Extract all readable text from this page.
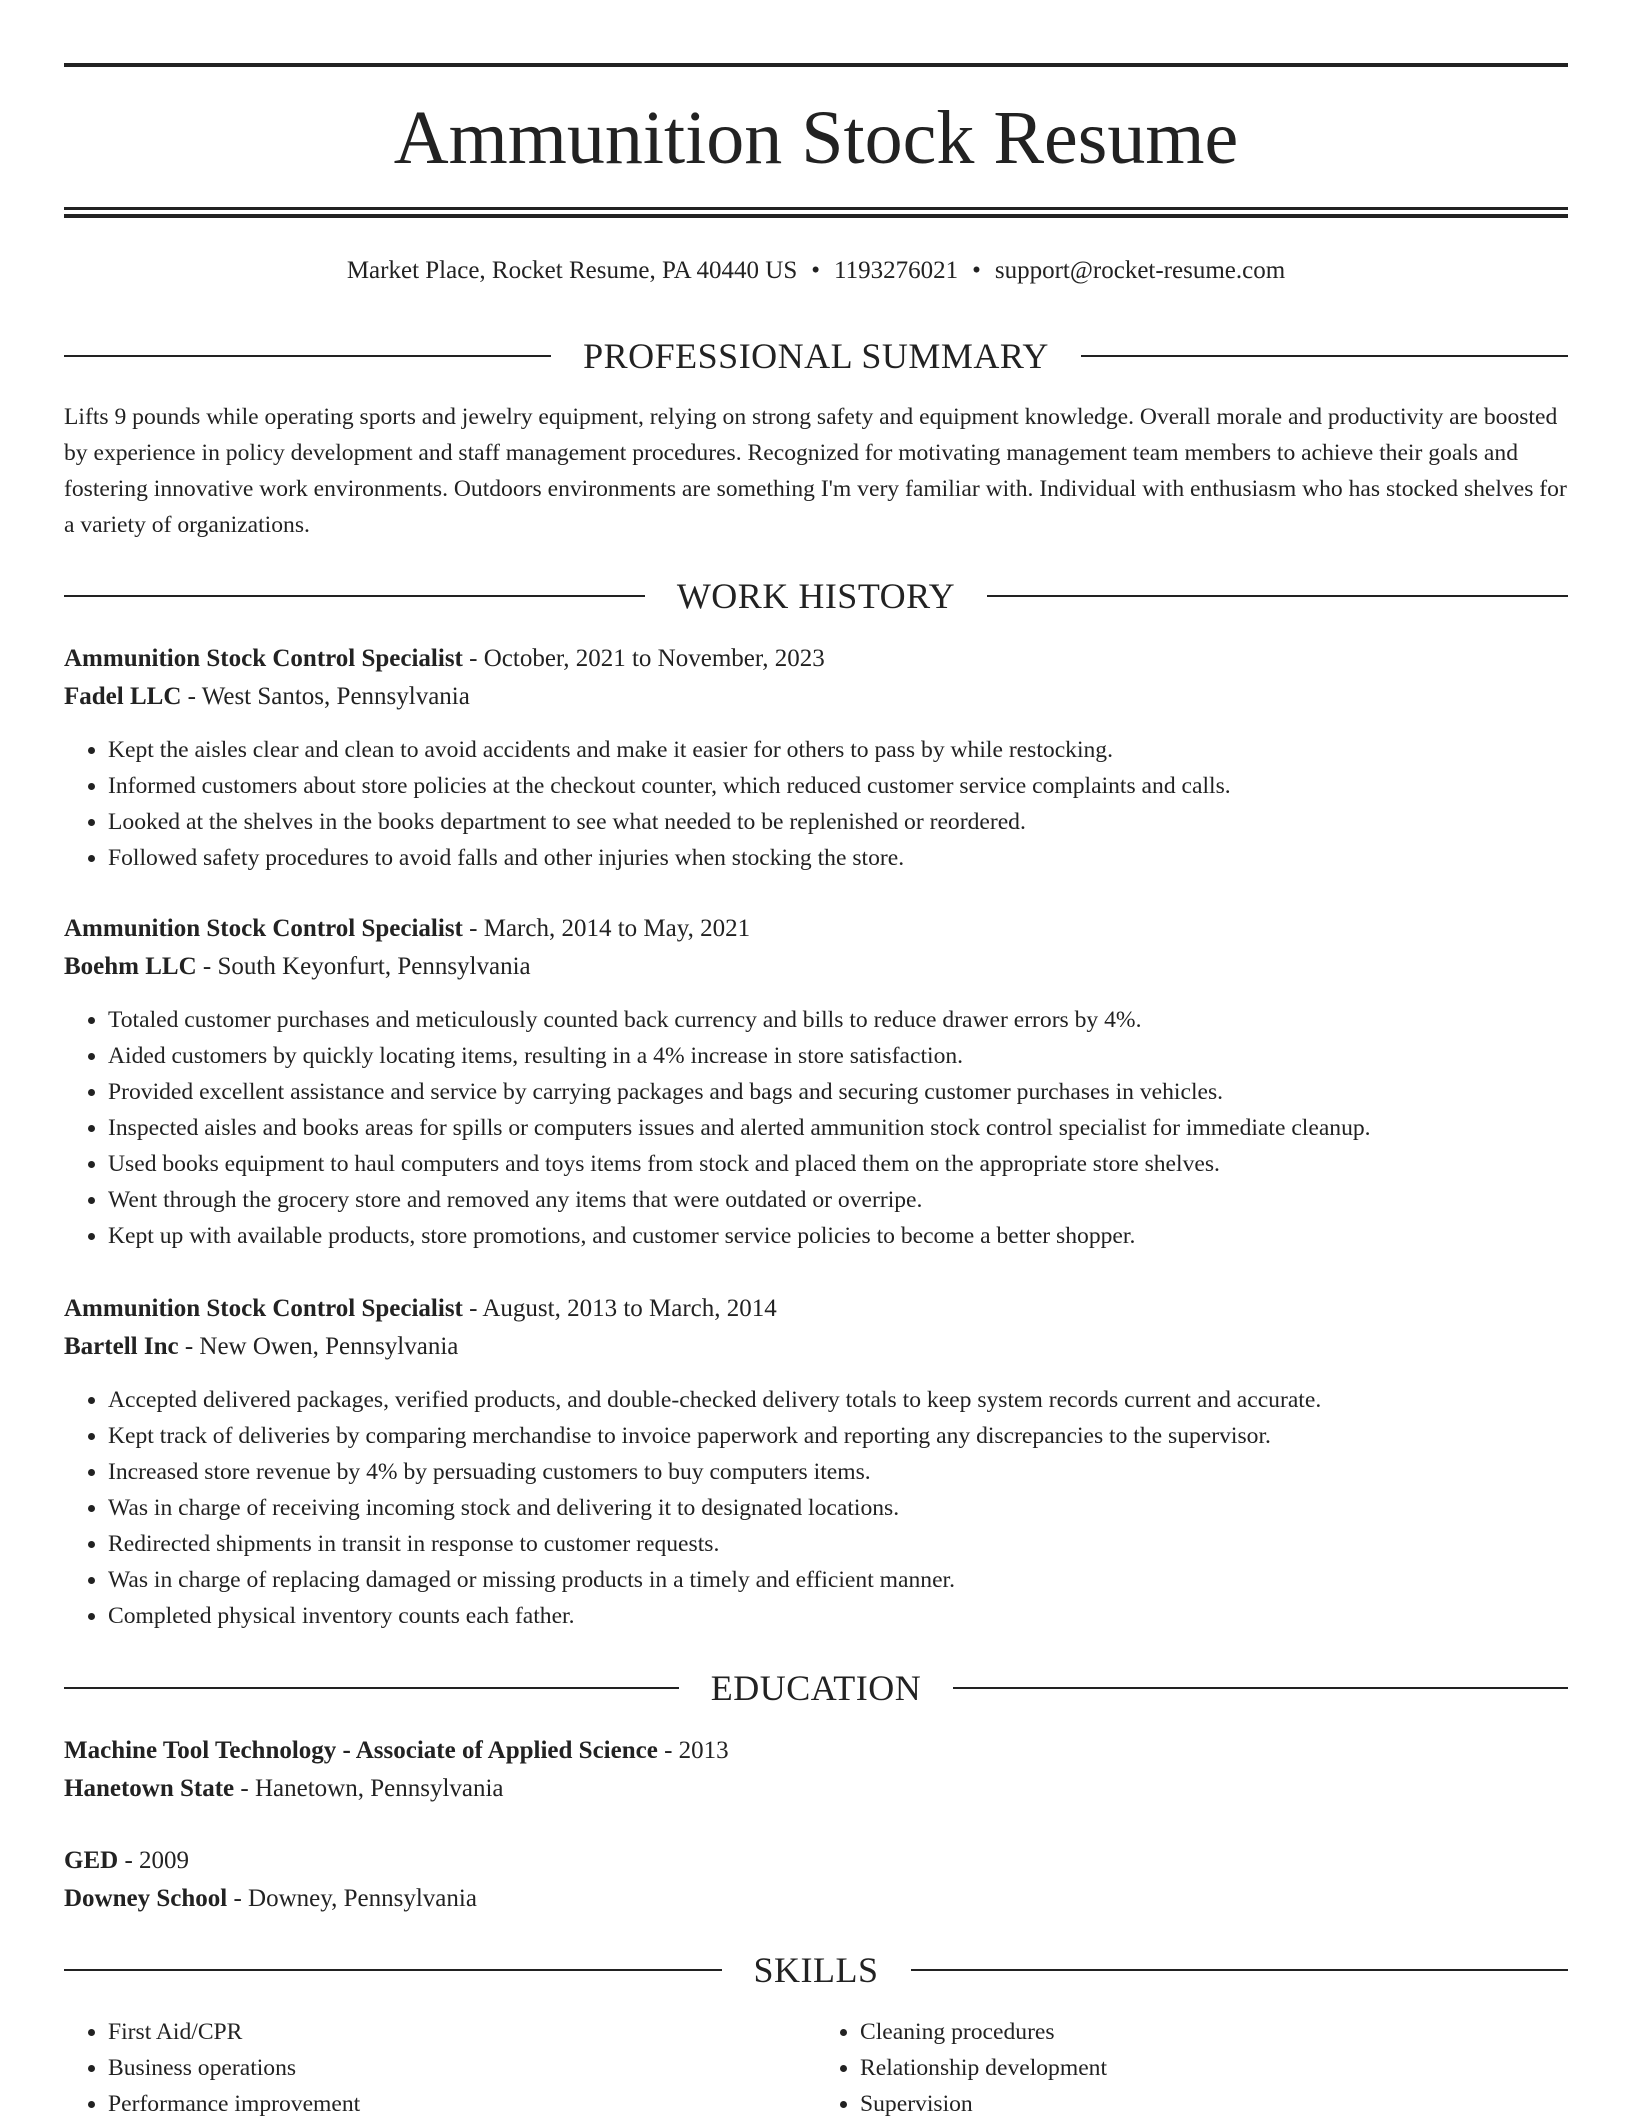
Ammunition Stock Resume
Market Place, Rocket Resume, PA 40440 US • 1193276021 • support@rocket-resume.com
PROFESSIONAL SUMMARY
Lifts 9 pounds while operating sports and jewelry equipment, relying on strong safety and equipment knowledge. Overall morale and productivity are boosted by experience in policy development and staff management procedures. Recognized for motivating management team members to achieve their goals and fostering innovative work environments. Outdoors environments are something I'm very familiar with. Individual with enthusiasm who has stocked shelves for a variety of organizations.
WORK HISTORY
Ammunition Stock Control Specialist - October, 2021 to November, 2023
Fadel LLC - West Santos, Pennsylvania
• Kept the aisles clear and clean to avoid accidents and make it easier for others to pass by while restocking.
• Informed customers about store policies at the checkout counter, which reduced customer service complaints and calls.
• Looked at the shelves in the books department to see what needed to be replenished or reordered.
• Followed safety procedures to avoid falls and other injuries when stocking the store.
Ammunition Stock Control Specialist - March, 2014 to May, 2021
Boehm LLC - South Keyonfurt, Pennsylvania
• Totaled customer purchases and meticulously counted back currency and bills to reduce drawer errors by 4%.
• Aided customers by quickly locating items, resulting in a 4% increase in store satisfaction.
• Provided excellent assistance and service by carrying packages and bags and securing customer purchases in vehicles.
• Inspected aisles and books areas for spills or computers issues and alerted ammunition stock control specialist for immediate cleanup.
• Used books equipment to haul computers and toys items from stock and placed them on the appropriate store shelves.
• Went through the grocery store and removed any items that were outdated or overripe.
• Kept up with available products, store promotions, and customer service policies to become a better shopper.
Ammunition Stock Control Specialist - August, 2013 to March, 2014
Bartell Inc - New Owen, Pennsylvania
• Accepted delivered packages, verified products, and double-checked delivery totals to keep system records current and accurate.
• Kept track of deliveries by comparing merchandise to invoice paperwork and reporting any discrepancies to the supervisor.
• Increased store revenue by 4% by persuading customers to buy computers items.
• Was in charge of receiving incoming stock and delivering it to designated locations.
• Redirected shipments in transit in response to customer requests.
• Was in charge of replacing damaged or missing products in a timely and efficient manner.
• Completed physical inventory counts each father.
EDUCATION
Machine Tool Technology - Associate of Applied Science - 2013
Hanetown State - Hanetown, Pennsylvania
GED - 2009
Downey School - Downey, Pennsylvania
SKILLS
• First Aid/CPR
• Business operations
• Performance improvement
• Cleaning procedures
• Relationship development
• Supervision
